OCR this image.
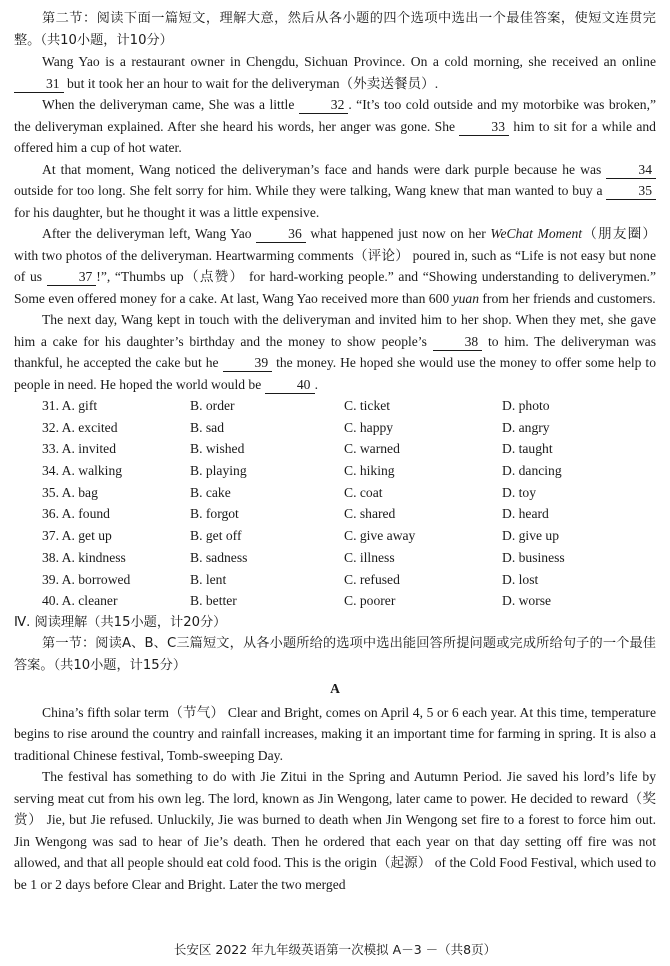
第二节：阅读下面一篇短文，理解大意，然后从各小题的四个选项中选出一个最佳答案，使短文连贯完整。（共10小题，计10分）

Wang Yao is a restaurant owner in Chengdu, Sichuan Province. On a cold morning, she received an online 31 but it took her an hour to wait for the deliveryman（外卖送餐员）.

When the deliveryman came, She was a little 32 . “It’s too cold outside and my motorbike was broken,” the deliveryman explained. After she heard his words, her anger was gone. She 33 him to sit for a while and offered him a cup of hot water.

At that moment, Wang noticed the deliveryman’s face and hands were dark purple because he was 34 outside for too long. She felt sorry for him. While they were talking, Wang knew that man wanted to buy a 35 for his daughter, but he thought it was a little expensive.

After the deliveryman left, Wang Yao 36 what happened just now on her WeChat Moment（朋友圈） with two photos of the deliveryman. Heartwarming comments（评论） poured in, such as “Life is not easy but none of us 37 !”, “Thumbs up（点赞） for hard-working people.” and “Showing understanding to deliverymen.” Some even offered money for a cake. At last, Wang Yao received more than 600 yuan from her friends and customers.

The next day, Wang kept in touch with the deliveryman and invited him to her shop. When they met, she gave him a cake for his daughter’s birthday and the money to show people’s 38 to him. The deliveryman was thankful, he accepted the cake but he 39 the money. He hoped she would use the money to offer some help to people in need. He hoped the world would be 40 .

31. A. gift	B. order	C. ticket	D. photo
32. A. excited	B. sad	C. happy	D. angry
33. A. invited	B. wished	C. warned	D. taught
34. A. walking	B. playing	C. hiking	D. dancing
35. A. bag	B. cake	C. coat	D. toy
36. A. found	B. forgot	C. shared	D. heard
37. A. get up	B. get off	C. give away	D. give up
38. A. kindness	B. sadness	C. illness	D. business
39. A. borrowed	B. lent	C. refused	D. lost
40. A. cleaner	B. better	C. poorer	D. worse

Ⅳ. 阅读理解（共15小题，计20分）

第一节：阅读A、B、C三篇短文，从各小题所给的选项中选出能回答所提问题或完成所给句子的一个最佳答案。（共10小题，计15分）

A

China’s fifth solar term（节气） Clear and Bright, comes on April 4, 5 or 6 each year. At this time, temperature begins to rise around the country and rainfall increases, making it an important time for farming in spring. It is also a traditional Chinese festival, Tomb-sweeping Day.

The festival has something to do with Jie Zitui in the Spring and Autumn Period. Jie saved his lord’s life by serving meat cut from his own leg. The lord, known as Jin Wengong, later came to power. He decided to reward（奖赏） Jie, but Jie refused. Unluckily, Jie was burned to death when Jin Wengong set fire to a forest to force him out. Jin Wengong was sad to hear of Jie’s death. Then he ordered that each year on that day setting off fire was not allowed, and that all people should eat cold food. This is the origin（起源） of the Cold Food Festival, which used to be 1 or 2 days before Clear and Bright. Later the two merged

长安区 2022 年九年级英语第一次模拟 A－3 －（共8页）
